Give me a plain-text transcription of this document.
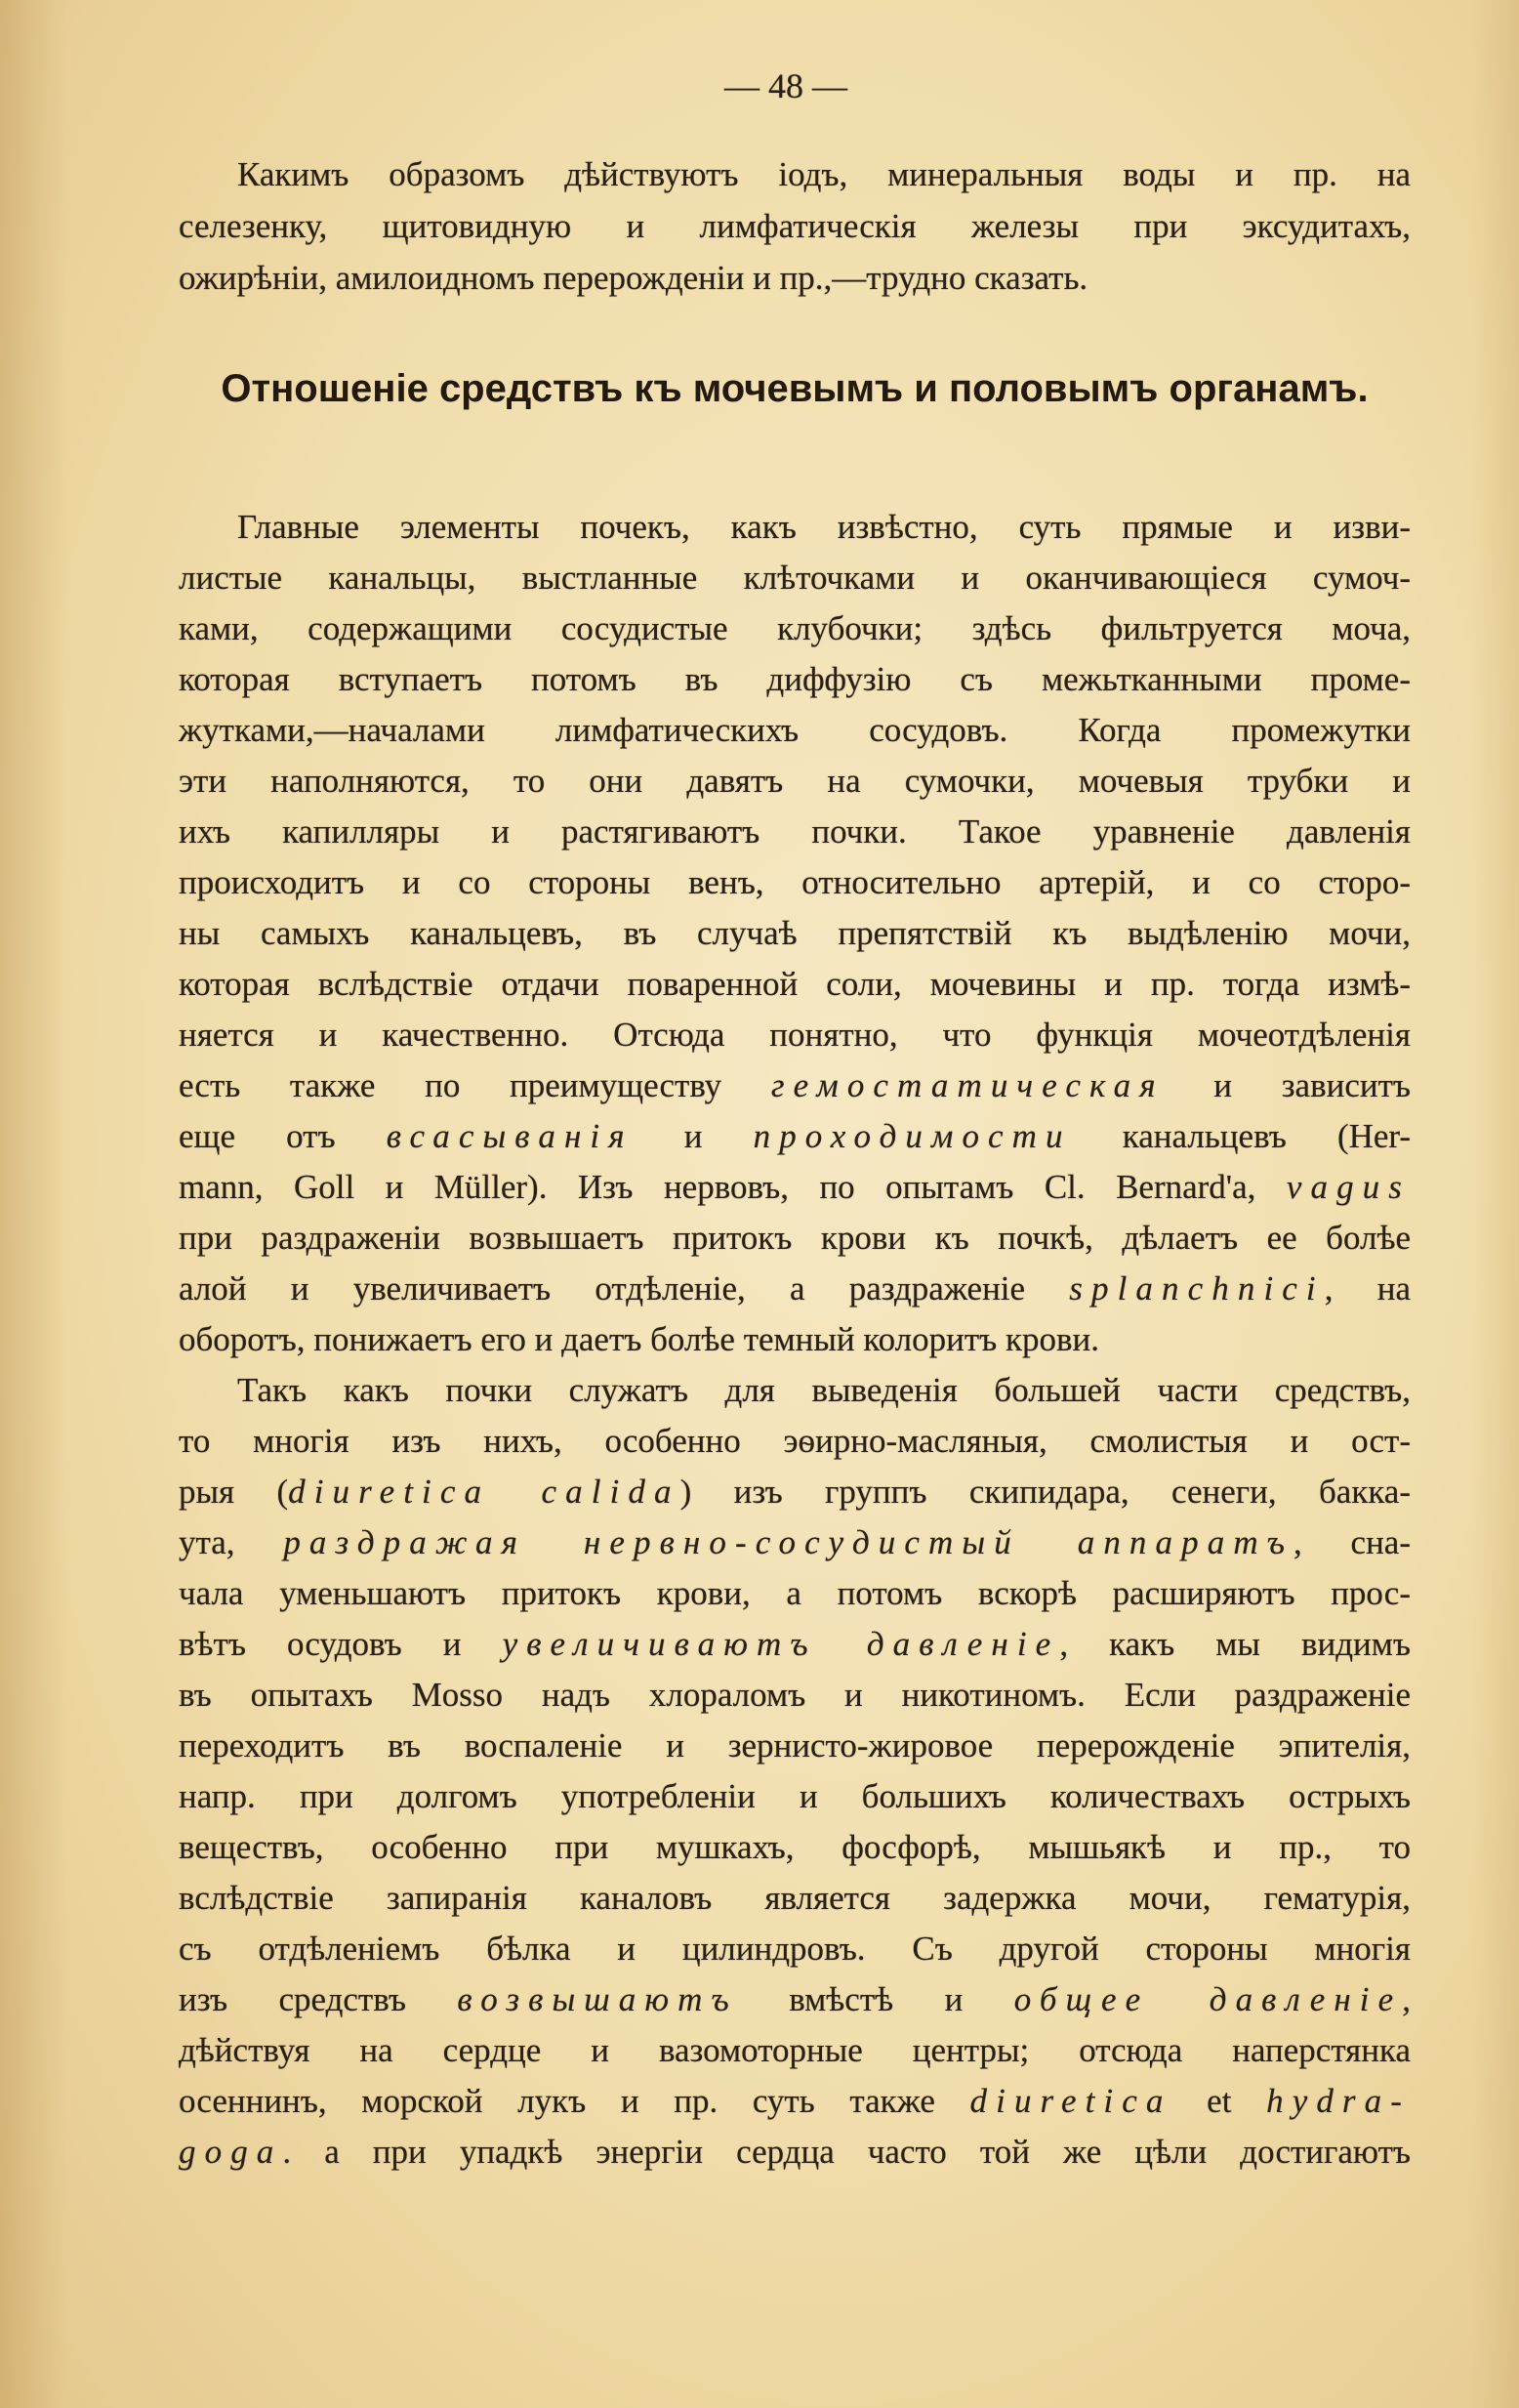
— 48 —
Какимъ образомъ дѣйствуютъ іодъ, минеральныя воды и пр. на
селезенку, щитовидную и лимфатическія железы при эксудитахъ,
ожирѣніи, амилоидномъ перерожденіи и пр.,—трудно сказать.
Отношеніе средствъ къ мочевымъ и половымъ органамъ.
Главные элементы почекъ, какъ извѣстно, суть прямые и изви-
листые канальцы, выстланные клѣточками и оканчивающіеся сумоч-
ками, содержащими сосудистые клубочки; здѣсь фильтруется моча,
которая вступаетъ потомъ въ диффузію съ межьтканными проме-
жутками,—началами лимфатическихъ сосудовъ. Когда промежутки
эти наполняются, то они давятъ на сумочки, мочевыя трубки и
ихъ капилляры и растягиваютъ почки. Такое уравненіе давленія
происходитъ и со стороны венъ, относительно артерій, и со сторо-
ны самыхъ канальцевъ, въ случаѣ препятствій къ выдѣленію мочи,
которая вслѣдствіе отдачи поваренной соли, мочевины и пр. тогда измѣ-
няется и качественно. Отсюда понятно, что функція мочеотдѣленія
есть также по преимуществу гемостатическая и зависитъ
еще отъ всасыванія и проходимости канальцевъ (Her-
mann, Goll и Müller). Изъ нервовъ, по опытамъ Cl. Bernard'a, vagus
при раздраженіи возвышаетъ притокъ крови къ почкѣ, дѣлаетъ ее болѣе
алой и увеличиваетъ отдѣленіе, а раздраженіе splanchnici, на
оборотъ, понижаетъ его и даетъ болѣе темный колоритъ крови.
Такъ какъ почки служатъ для выведенія большей части средствъ,
то многія изъ нихъ, особенно эѳирно-масляныя, смолистыя и ост-
рыя (diuretica calida) изъ группъ скипидара, сенеги, бакка-
ута, раздражая нервно-сосудистый аппаратъ, сна-
чала уменьшаютъ притокъ крови, а потомъ вскорѣ расширяютъ прос-
вѣтъ осудовъ и увеличиваютъ давленіе, какъ мы видимъ
въ опытахъ Mosso надъ хлораломъ и никотиномъ. Если раздраженіе
переходитъ въ воспаленіе и зернисто-жировое перерожденіе эпителія,
напр. при долгомъ употребленіи и большихъ количествахъ острыхъ
веществъ, особенно при мушкахъ, фосфорѣ, мышьякѣ и пр., то
вслѣдствіе запиранія каналовъ является задержка мочи, гематурія,
съ отдѣленіемъ бѣлка и цилиндровъ. Съ другой стороны многія
изъ средствъ возвышаютъ вмѣстѣ и общее давленіе,
дѣйствуя на сердце и вазомоторные центры; отсюда наперстянка
осеннинъ, морской лукъ и пр. суть также diuretica et hydra-
goga. а при упадкѣ энергіи сердца часто той же цѣли достигаютъ
